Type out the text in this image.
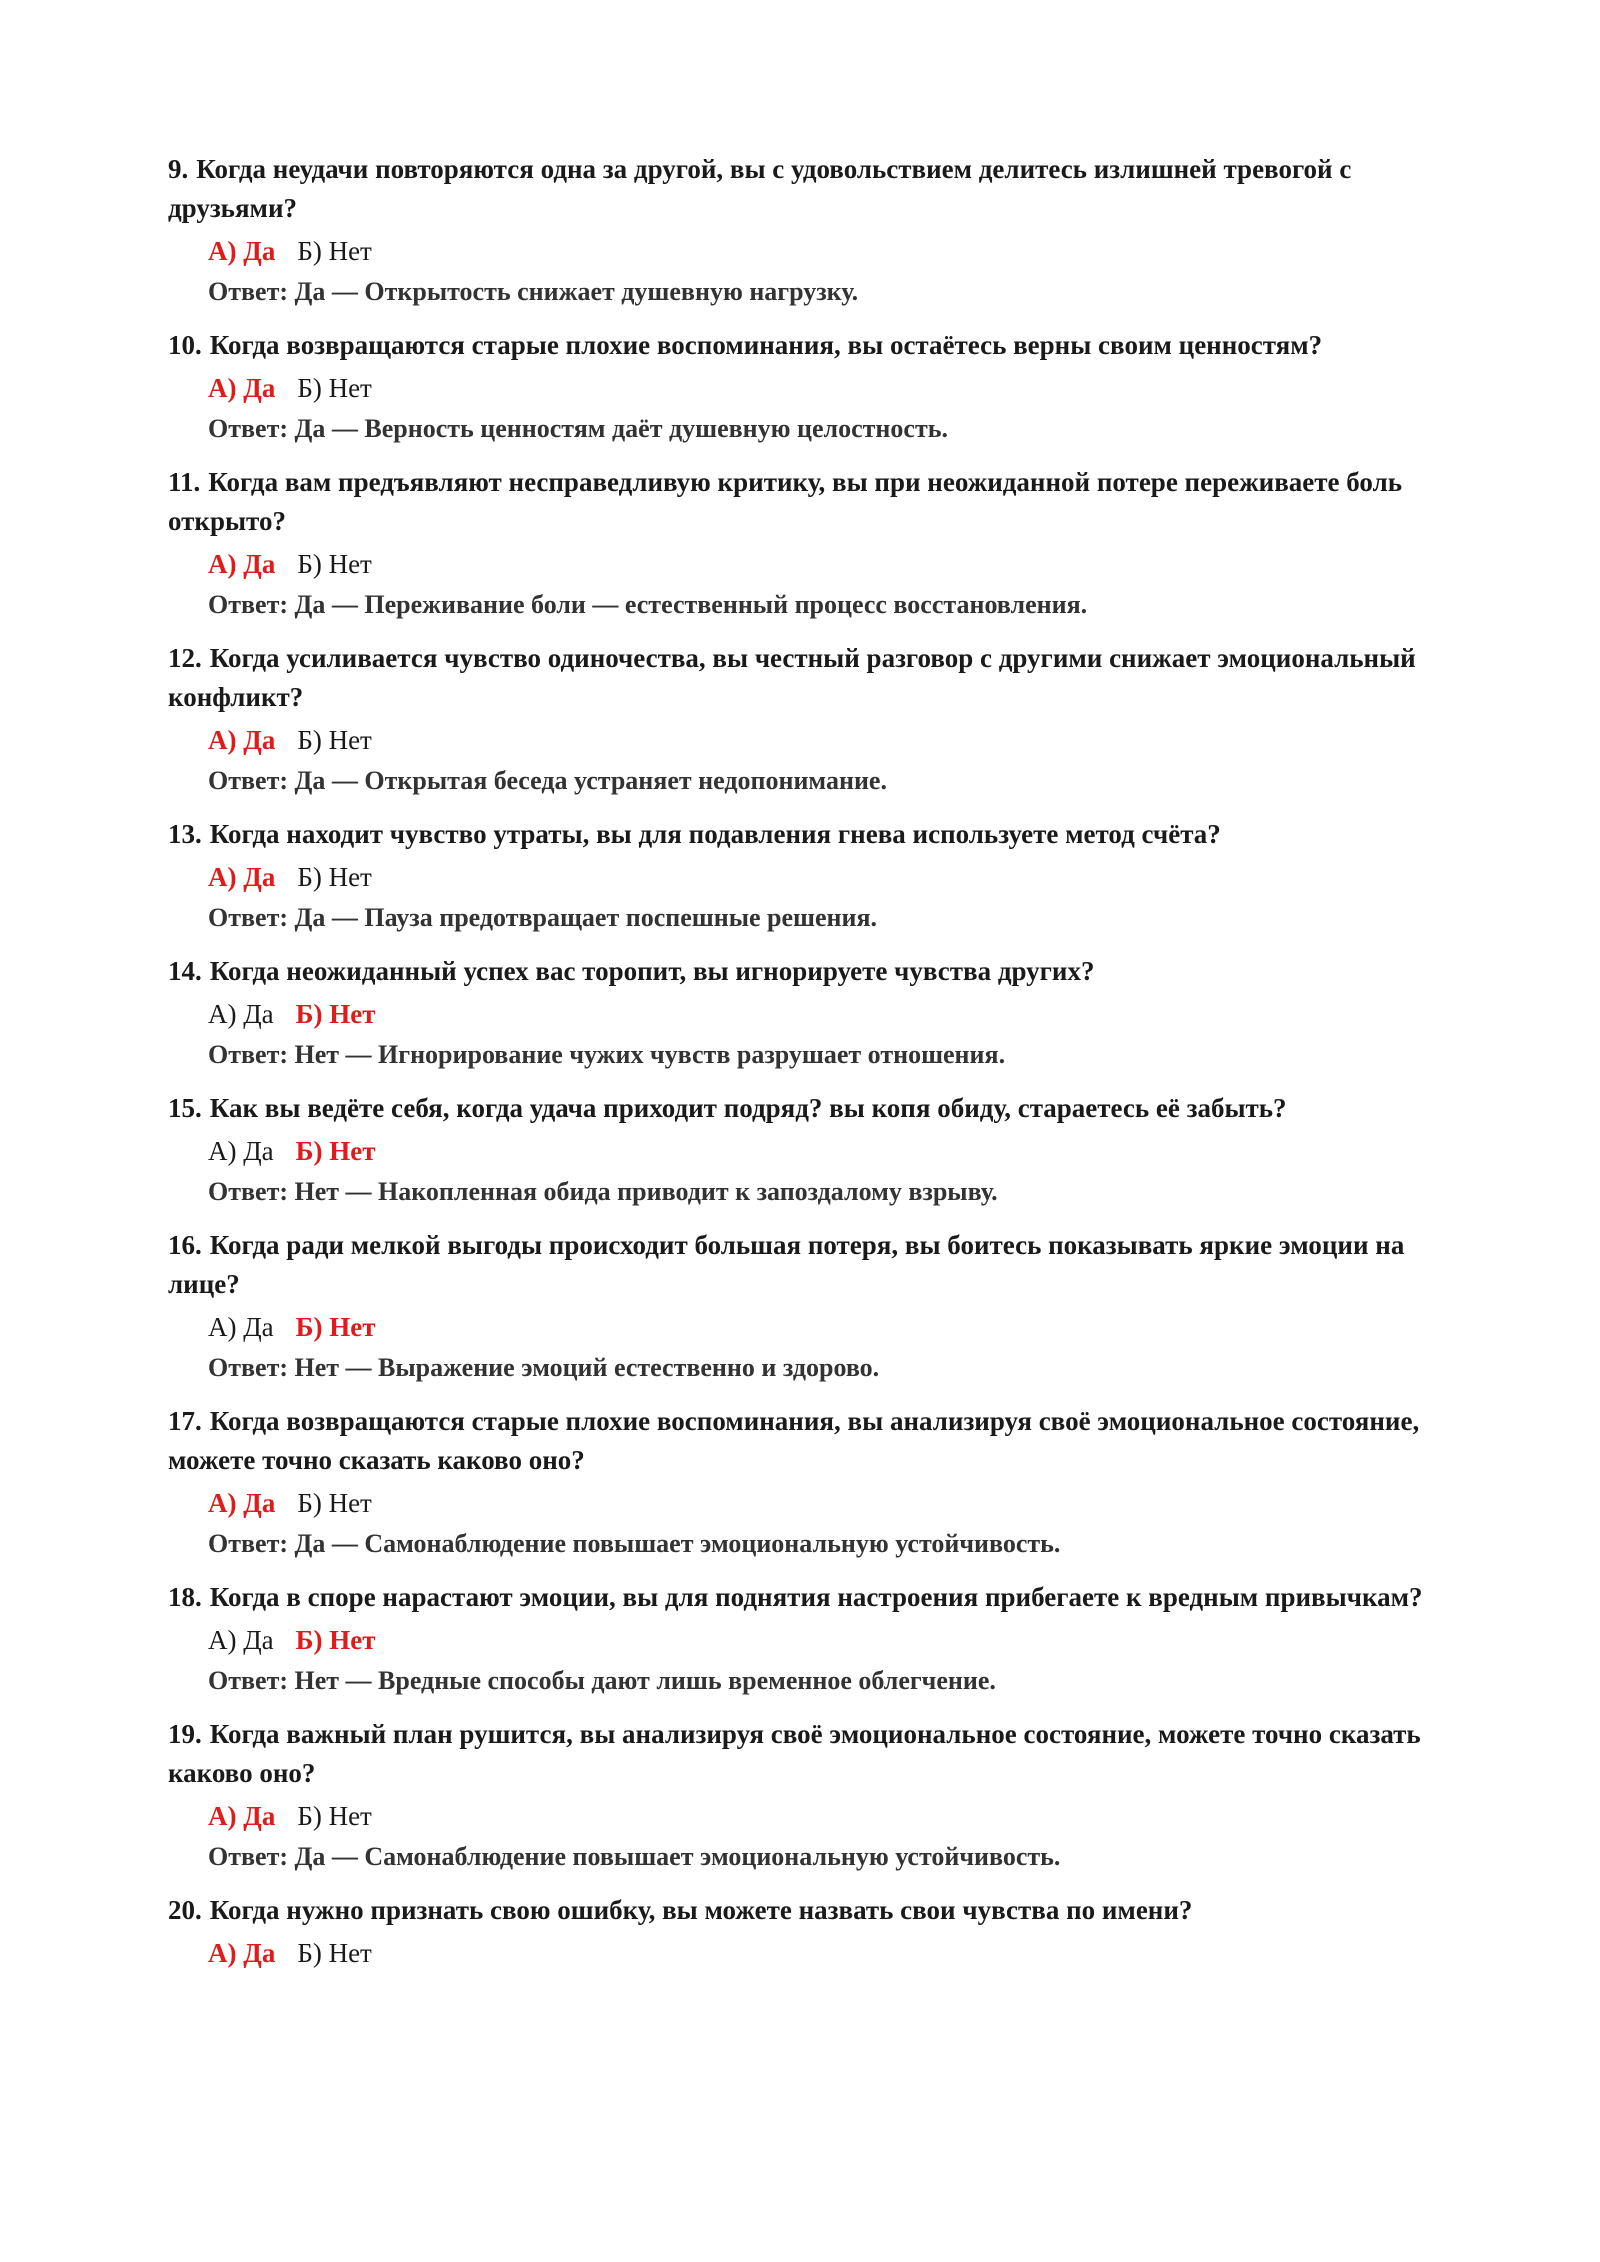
9. Когда неудачи повторяются одна за другой, вы с удовольствием делитесь излишней тревогой с друзьями?

А) Да Б) Нет
Ответ: Да — Открытость снижает душевную нагрузку.

10. Когда возвращаются старые плохие воспоминания, вы остаётесь верны своим ценностям?

А) Да Б) Нет
Ответ: Да — Верность ценностям даёт душевную целостность.

11. Когда вам предъявляют несправедливую критику, вы при неожиданной потере переживаете боль открыто?

А) Да Б) Нет
Ответ: Да — Переживание боли — естественный процесс восстановления.

12. Когда усиливается чувство одиночества, вы честный разговор с другими снижает эмоциональный конфликт?

А) Да Б) Нет
Ответ: Да — Открытая беседа устраняет недопонимание.

13. Когда находит чувство утраты, вы для подавления гнева используете метод счёта?

А) Да Б) Нет
Ответ: Да — Пауза предотвращает поспешные решения.

14. Когда неожиданный успех вас торопит, вы игнорируете чувства других?

А) Да Б) Нет
Ответ: Нет — Игнорирование чужих чувств разрушает отношения.

15. Как вы ведёте себя, когда удача приходит подряд? вы копя обиду, стараетесь её забыть?

А) Да Б) Нет
Ответ: Нет — Накопленная обида приводит к запоздалому взрыву.

16. Когда ради мелкой выгоды происходит большая потеря, вы боитесь показывать яркие эмоции на лице?

А) Да Б) Нет
Ответ: Нет — Выражение эмоций естественно и здорово.

17. Когда возвращаются старые плохие воспоминания, вы анализируя своё эмоциональное состояние, можете точно сказать каково оно?

А) Да Б) Нет
Ответ: Да — Самонаблюдение повышает эмоциональную устойчивость.

18. Когда в споре нарастают эмоции, вы для поднятия настроения прибегаете к вредным привычкам?

А) Да Б) Нет
Ответ: Нет — Вредные способы дают лишь временное облегчение.

19. Когда важный план рушится, вы анализируя своё эмоциональное состояние, можете точно сказать каково оно?

А) Да Б) Нет
Ответ: Да — Самонаблюдение повышает эмоциональную устойчивость.

20. Когда нужно признать свою ошибку, вы можете назвать свои чувства по имени?

А) Да Б) Нет
